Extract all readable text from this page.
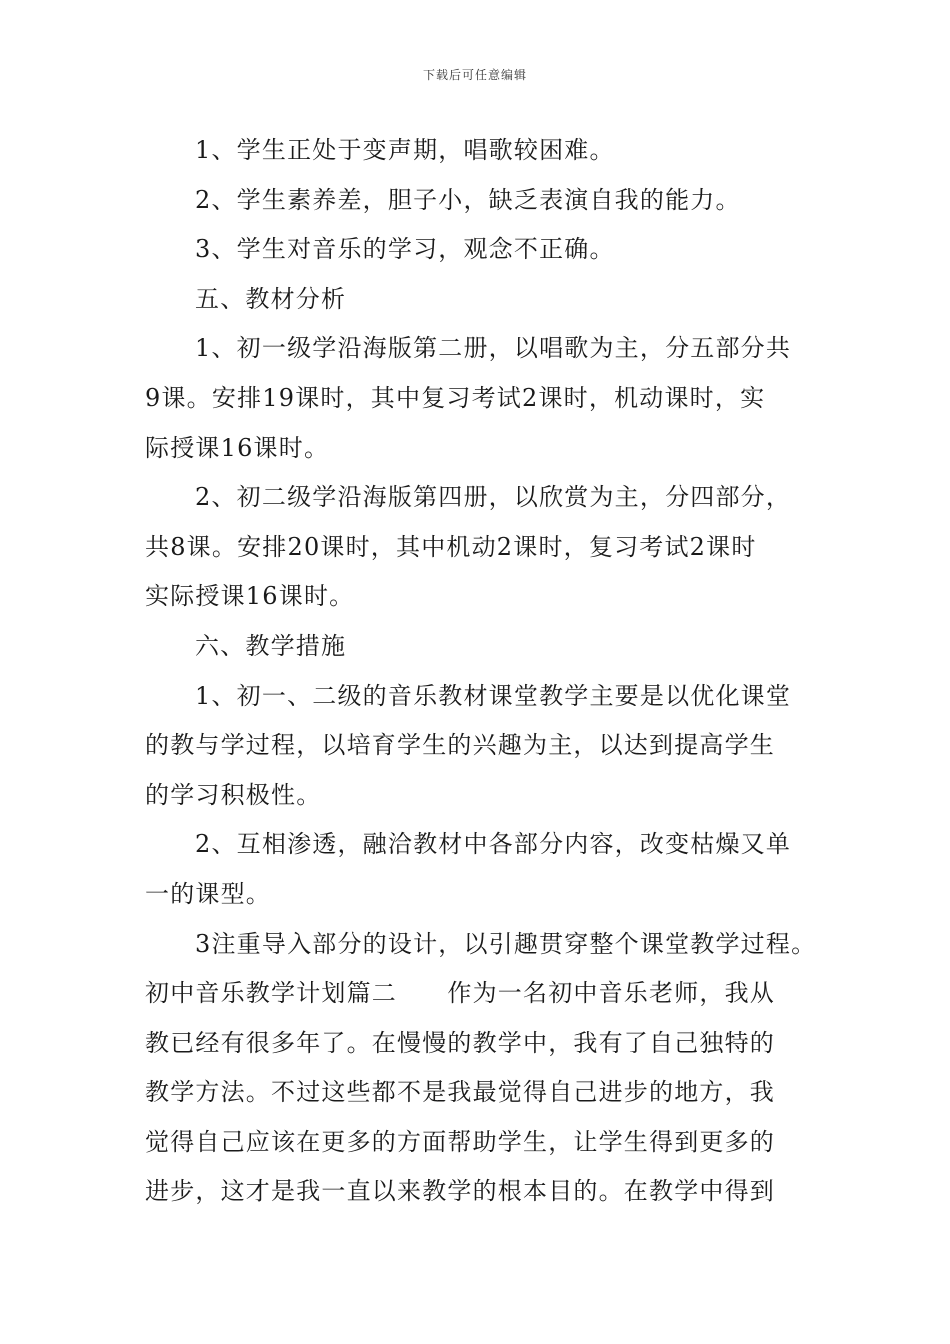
下载后可任意编辑
1、学生正处于变声期，唱歌较困难。
2、学生素养差，胆子小，缺乏表演自我的能力。
3、学生对音乐的学习，观念不正确。
五、教材分析
1、初一级学沿海版第二册，以唱歌为主，分五部分共
9课。安排19课时，其中复习考试2课时，机动课时，实
际授课16课时。
2、初二级学沿海版第四册，以欣赏为主，分四部分，
共8课。安排20课时，其中机动2课时，复习考试2课时
实际授课16课时。
六、教学措施
1、初一、二级的音乐教材课堂教学主要是以优化课堂
的教与学过程，以培育学生的兴趣为主，以达到提高学生
的学习积极性。
2、互相渗透，融洽教材中各部分内容，改变枯燥又单
一的课型。
3注重导入部分的设计，以引趣贯穿整个课堂教学过程。
初中音乐教学计划篇二　　作为一名初中音乐老师，我从
教已经有很多年了。在慢慢的教学中，我有了自己独特的
教学方法。不过这些都不是我最觉得自己进步的地方，我
觉得自己应该在更多的方面帮助学生，让学生得到更多的
进步，这才是我一直以来教学的根本目的。在教学中得到
